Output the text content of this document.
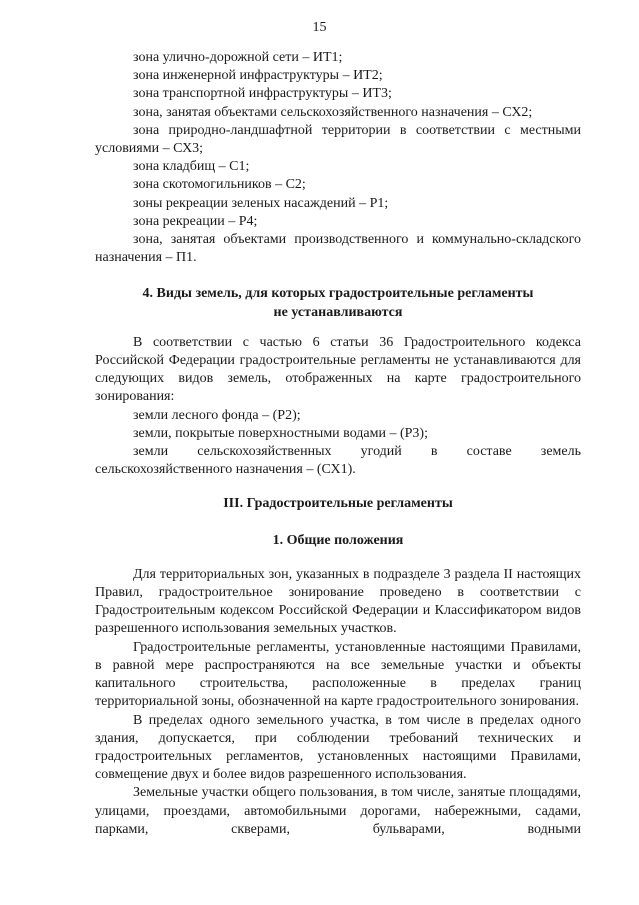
15

зона улично-дорожной сети – ИТ1;

зона инженерной инфраструктуры – ИТ2;

зона транспортной инфраструктуры – ИТ3;

зона, занятая объектами сельскохозяйственного назначения – СХ2;

зона природно-ландшафтной территории в соответствии с местными условиями – СХ3;

зона кладбищ – С1;

зона скотомогильников – С2;

зоны рекреации зеленых насаждений – Р1;

зона рекреации – Р4;

зона, занятая объектами производственного и коммунально-складского назначения – П1.

4. Виды земель, для которых градостроительные регламенты

не устанавливаются

В соответствии с частью 6 статьи 36 Градостроительного кодекса Российской Федерации градостроительные регламенты не устанавливаются для следующих видов земель, отображенных на карте градостроительного зонирования:

земли лесного фонда – (Р2);

земли, покрытые поверхностными водами – (Р3);

земли сельскохозяйственных угодий в составе земель сельскохозяйственного назначения – (СХ1).

III. Градостроительные регламенты

1. Общие положения

Для территориальных зон, указанных в подразделе 3 раздела II настоящих Правил, градостроительное зонирование проведено в соответствии с Градостроительным кодексом Российской Федерации и Классификатором видов разрешенного использования земельных участков.

Градостроительные регламенты, установленные настоящими Правилами, в равной мере распространяются на все земельные участки и объекты капитального строительства, расположенные в пределах границ территориальной зоны, обозначенной на карте градостроительного зонирования.

В пределах одного земельного участка, в том числе в пределах одного здания, допускается, при соблюдении требований технических и градостроительных регламентов, установленных настоящими Правилами, совмещение двух и более видов разрешенного использования.

Земельные участки общего пользования, в том числе, занятые площадями, улицами, проездами, автомобильными дорогами, набережными, садами, парками, скверами, бульварами, водными
